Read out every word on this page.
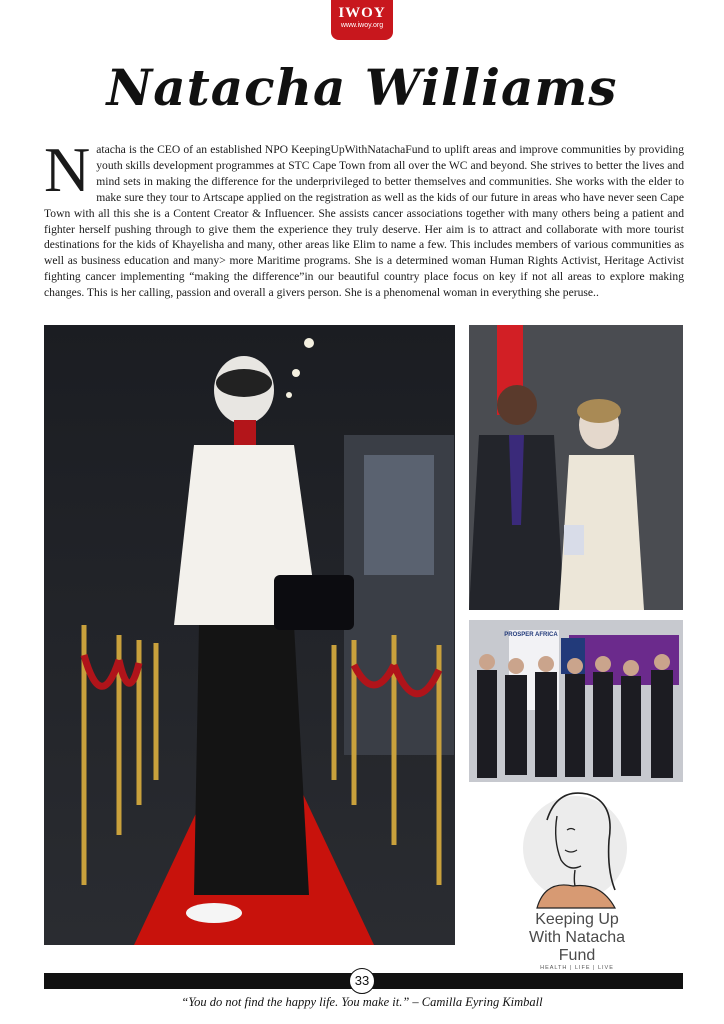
IWOY
www.iwoy.org
Natacha Williams

Natacha is the CEO of an established NPO KeepingUpWithNatachaFund to uplift areas and improve communities by providing youth skills development programmes at STC Cape Town from all over the WC and beyond. She strives to better the lives and mind sets in making the difference for the underprivileged to better themselves and communities. She works with the elder to make sure they tour to Artscape applied on the registration as well as the kids of our future in areas who have never seen Cape Town with all this she is a Content Creator & Influencer. She assists cancer associations together with many others being a patient and fighter herself pushing through to give them the experience they truly deserve. Her aim is to attract and collaborate with more tourist destinations for the kids of Khayelisha and many, other areas like Elim to name a few. This includes members of various communities as well as business education and many> more Maritime programs. She is a determined woman Human Rights Activist, Heritage Activist fighting cancer implementing “making the difference”in our beautiful country place focus on key if not all areas to explore making changes. This is her calling, passion and overall a givers person. She is a phenomenal woman in everything she peruse..

PROSPER AFRICA
Keeping Up
With Natacha
Fund
HEALTH | LIFE | LIVE
33
“You do not find the happy life. You make it.” – Camilla Eyring Kimball
